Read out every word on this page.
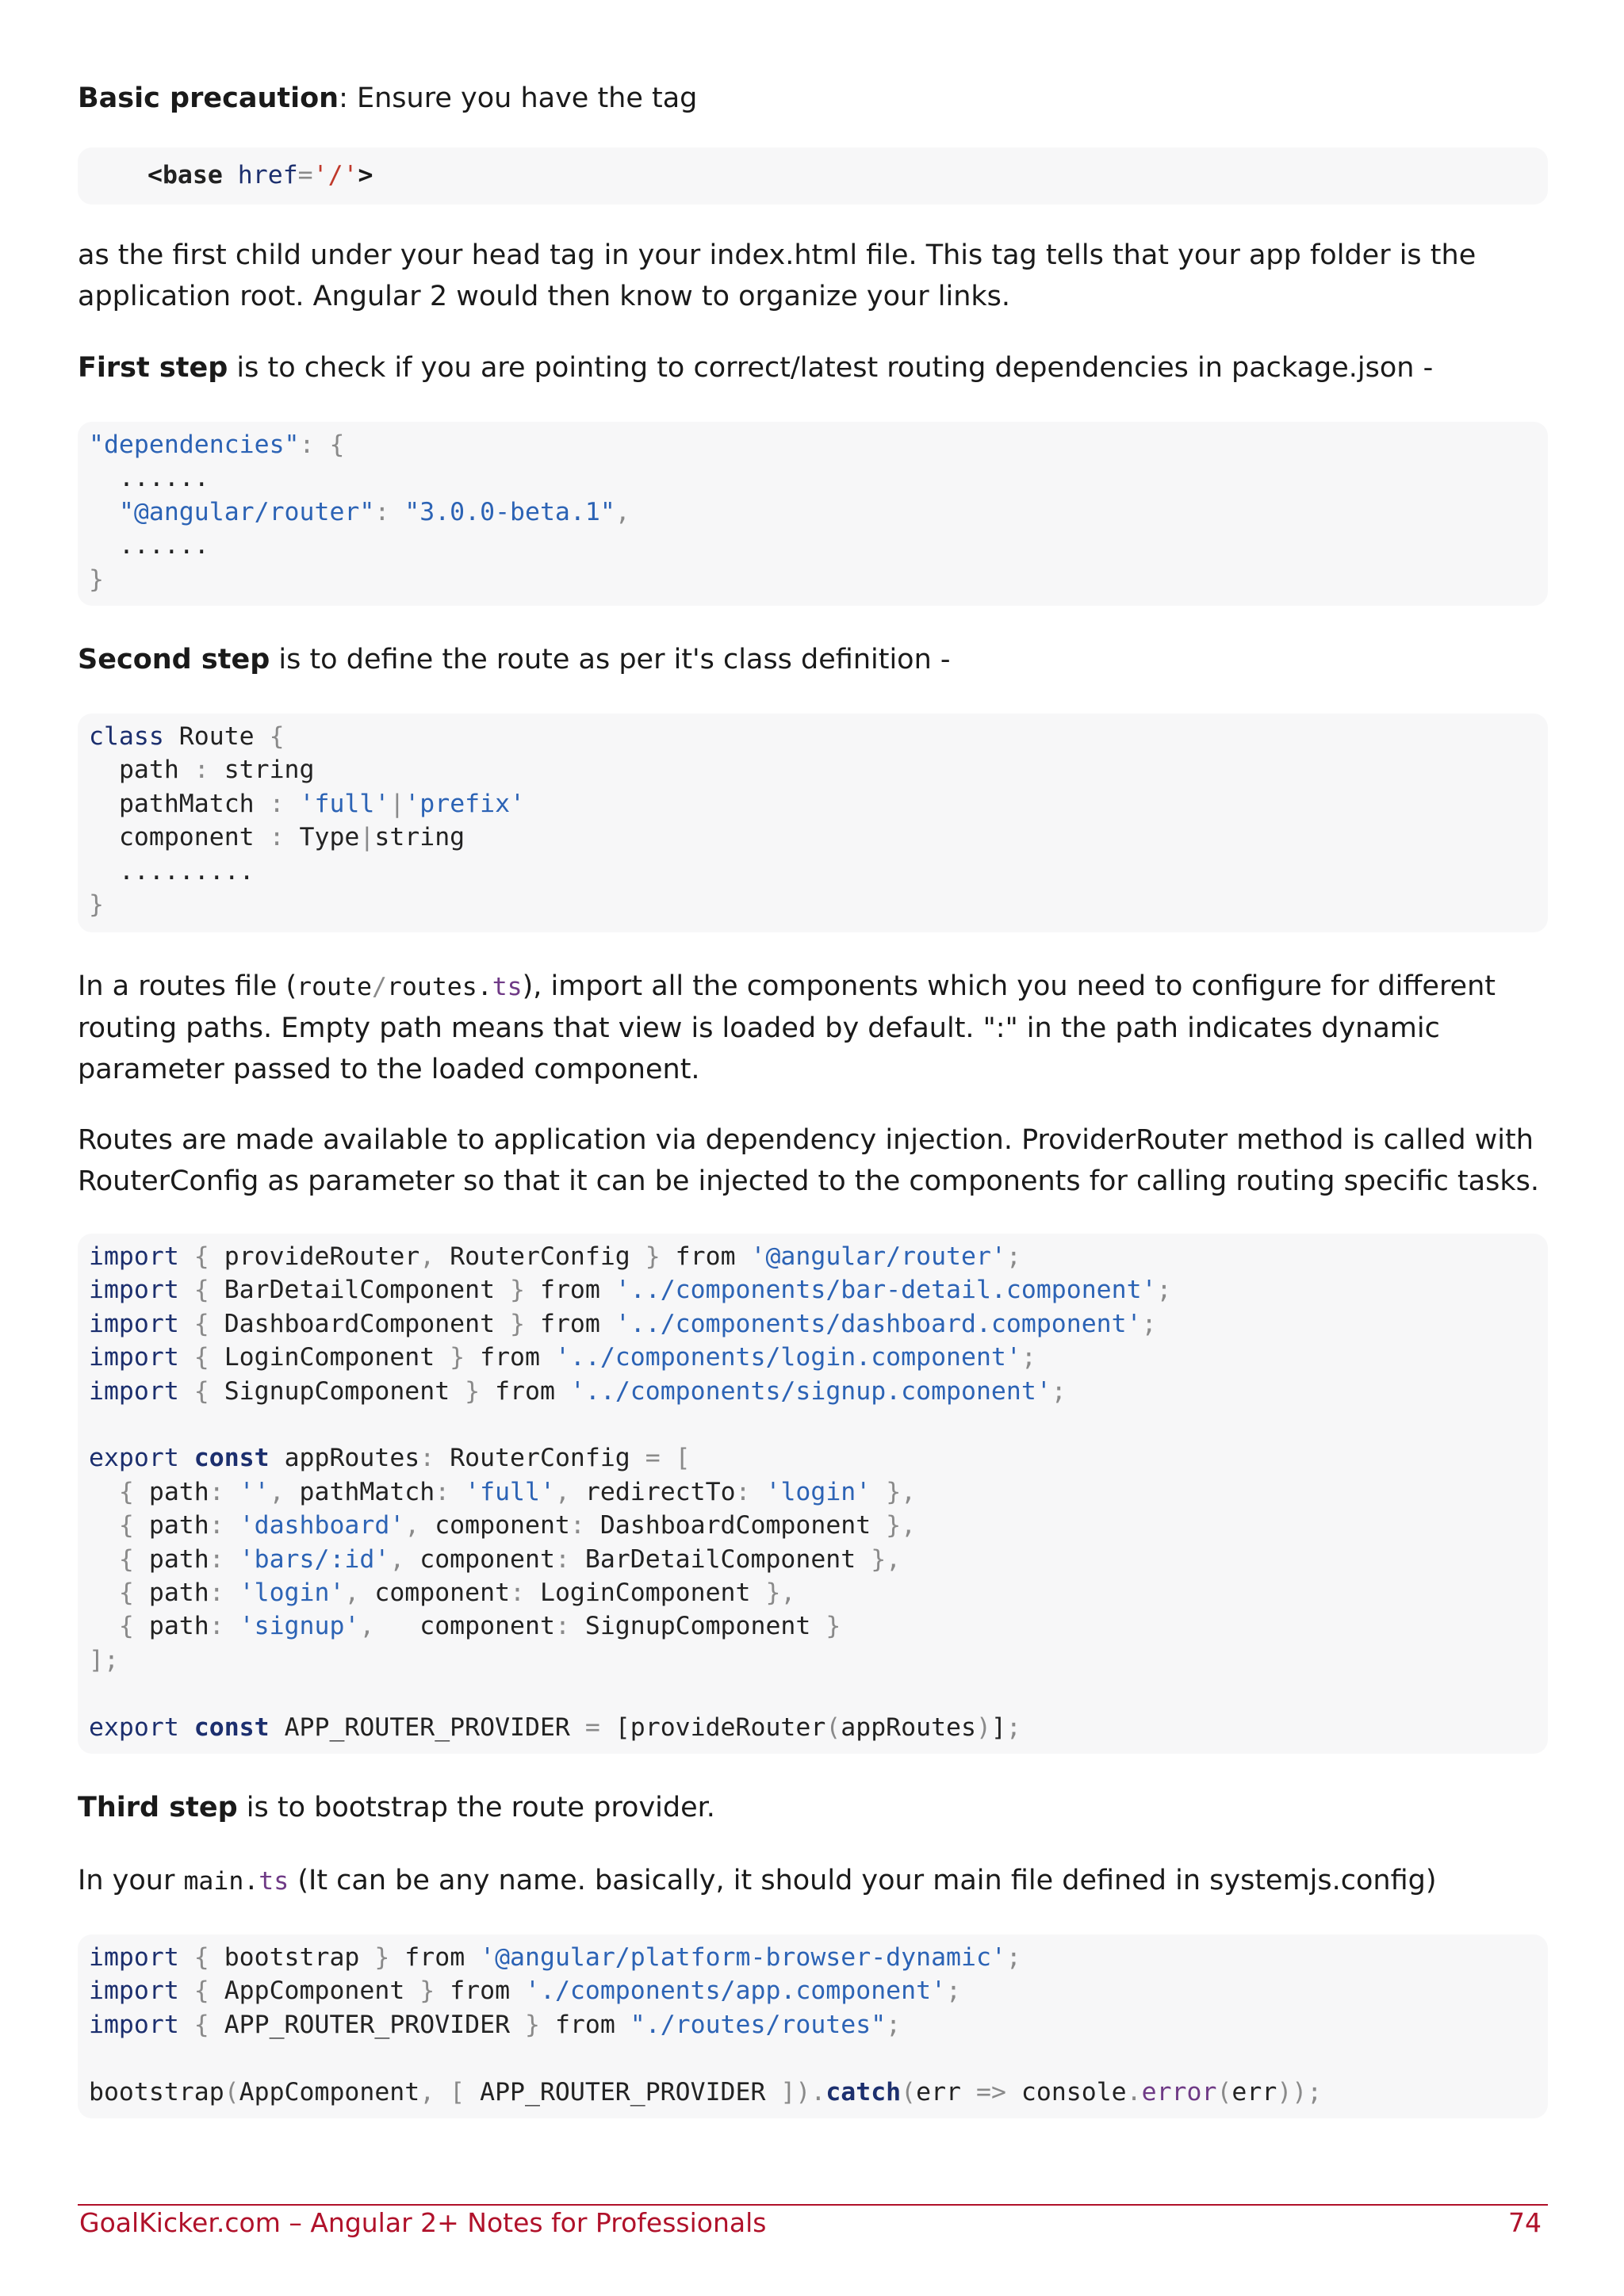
Basic precaution: Ensure you have the tag

<base href='/'>

as the first child under your head tag in your index.html file. This tag tells that your app folder is the application root. Angular 2 would then know to organize your links.

First step is to check if you are pointing to correct/latest routing dependencies in package.json -

"dependencies": {
......
"@angular/router": "3.0.0-beta.1",
......
}

Second step is to define the route as per it's class definition -

class Route {
path : string
pathMatch : 'full'|'prefix'
component : Type|string
.........
}

In a routes file (route/routes.ts), import all the components which you need to configure for different routing paths. Empty path means that view is loaded by default. ":" in the path indicates dynamic parameter passed to the loaded component.

Routes are made available to application via dependency injection. ProviderRouter method is called with RouterConfig as parameter so that it can be injected to the components for calling routing specific tasks.

import { provideRouter, RouterConfig } from '@angular/router';
import { BarDetailComponent } from '../components/bar-detail.component';
import { DashboardComponent } from '../components/dashboard.component';
import { LoginComponent } from '../components/login.component';
import { SignupComponent } from '../components/signup.component';

export const appRoutes: RouterConfig = [
{ path: '', pathMatch: 'full', redirectTo: 'login' },
{ path: 'dashboard', component: DashboardComponent },
{ path: 'bars/:id', component: BarDetailComponent },
{ path: 'login', component: LoginComponent },
{ path: 'signup', component: SignupComponent }
];

export const APP_ROUTER_PROVIDER = [provideRouter(appRoutes)];

Third step is to bootstrap the route provider.

In your main.ts (It can be any name. basically, it should your main file defined in systemjs.config)

import { bootstrap } from '@angular/platform-browser-dynamic';
import { AppComponent } from './components/app.component';
import { APP_ROUTER_PROVIDER } from "./routes/routes";

bootstrap(AppComponent, [ APP_ROUTER_PROVIDER ]).catch(err => console.error(err));
GoalKicker.com – Angular 2+ Notes for Professionals	74
